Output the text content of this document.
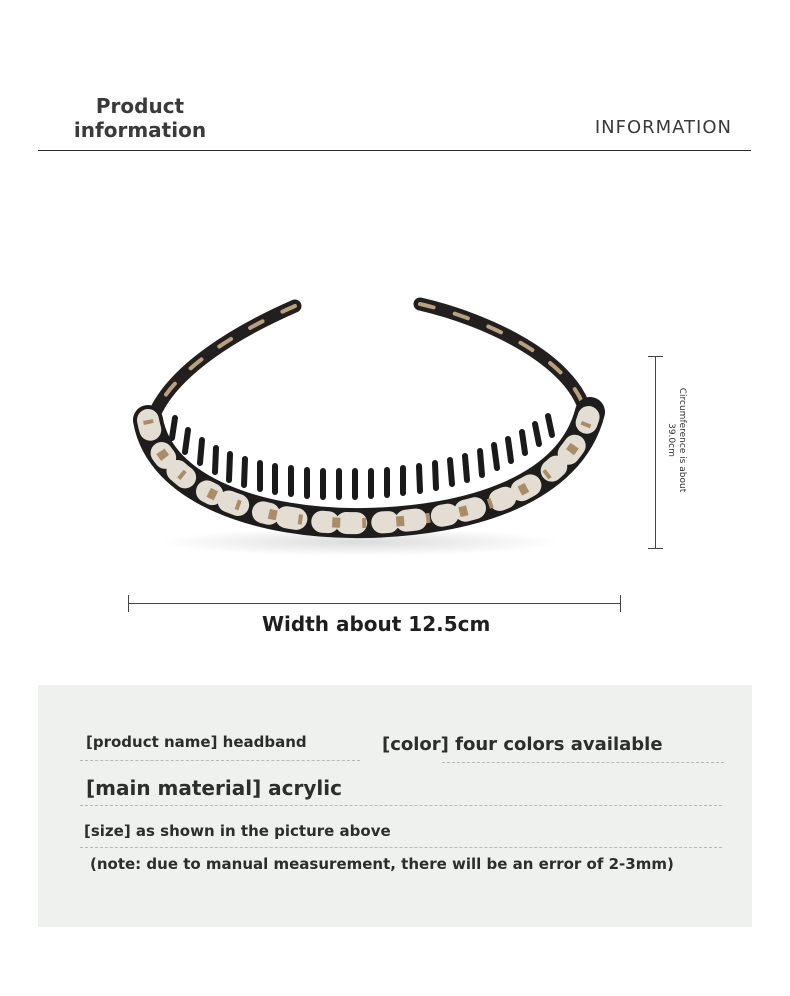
Product
information	INFORMATION
Circumference is about
39.0cm
Width about 12.5cm
[product name] headband	[color] four colors available
[main material] acrylic
[size] as shown in the picture above
(note: due to manual measurement, there will be an error of 2-3mm)
